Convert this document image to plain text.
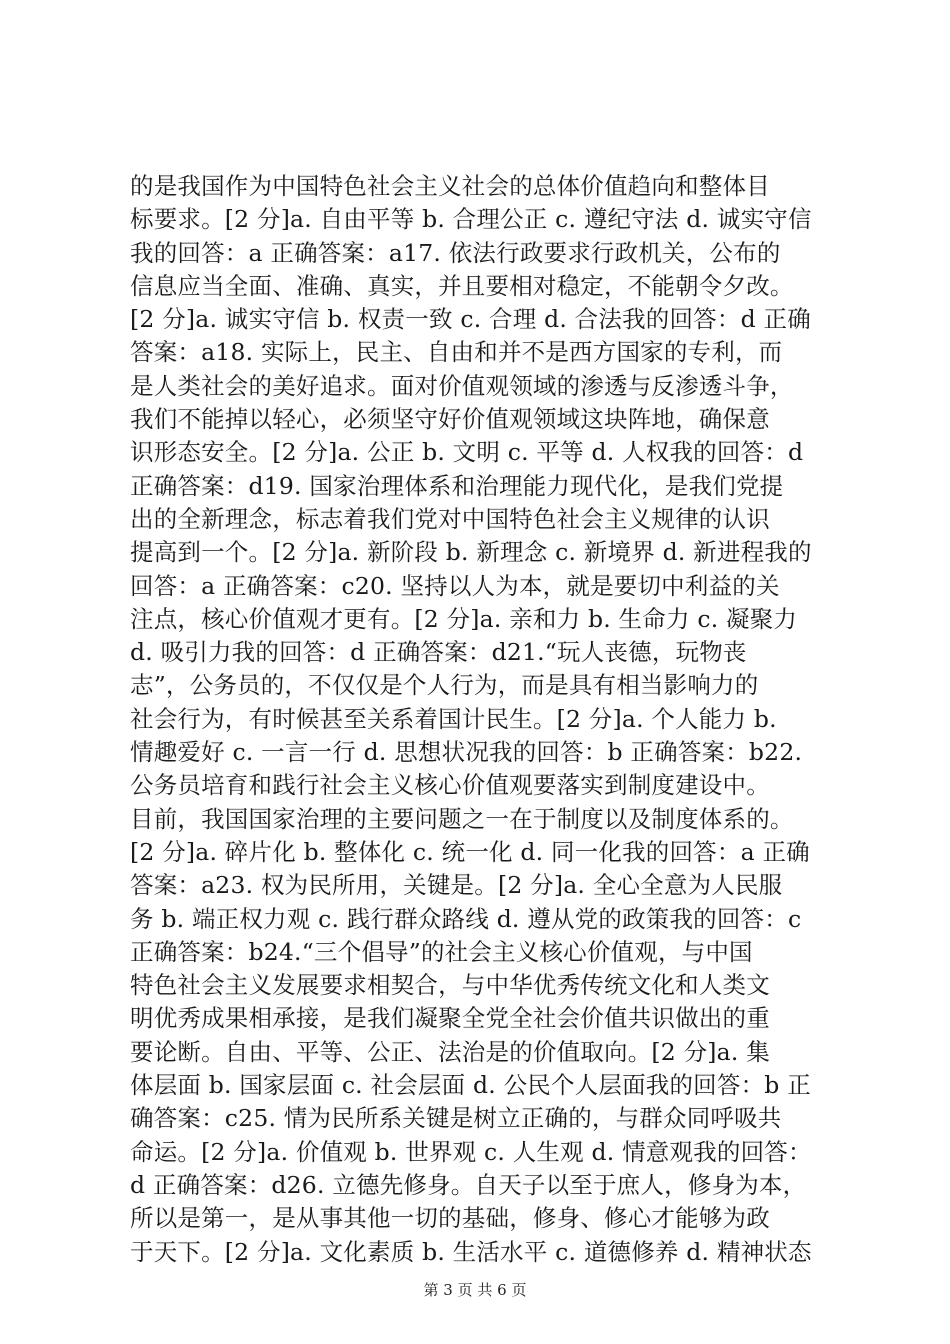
的是我国作为中国特色社会主义社会的总体价值趋向和整体目
标要求。[2 分]a. 自由平等 b. 合理公正 c. 遵纪守法 d. 诚实守信
我的回答：a 正确答案：a17. 依法行政要求行政机关，公布的
信息应当全面、准确、真实，并且要相对稳定，不能朝令夕改。
[2 分]a. 诚实守信 b. 权责一致 c. 合理 d. 合法我的回答：d 正确
答案：a18. 实际上，民主、自由和并不是西方国家的专利，而
是人类社会的美好追求。面对价值观领域的渗透与反渗透斗争，
我们不能掉以轻心，必须坚守好价值观领域这块阵地，确保意
识形态安全。[2 分]a. 公正 b. 文明 c. 平等 d. 人权我的回答：d
正确答案：d19. 国家治理体系和治理能力现代化，是我们党提
出的全新理念，标志着我们党对中国特色社会主义规律的认识
提高到一个。[2 分]a. 新阶段 b. 新理念 c. 新境界 d. 新进程我的
回答：a 正确答案：c20. 坚持以人为本，就是要切中利益的关
注点，核心价值观才更有。[2 分]a. 亲和力 b. 生命力 c. 凝聚力
d. 吸引力我的回答：d 正确答案：d21.“玩人丧德，玩物丧
志”，公务员的，不仅仅是个人行为，而是具有相当影响力的
社会行为，有时候甚至关系着国计民生。[2 分]a. 个人能力 b.
情趣爱好 c. 一言一行 d. 思想状况我的回答：b 正确答案：b22.
公务员培育和践行社会主义核心价值观要落实到制度建设中。
目前，我国国家治理的主要问题之一在于制度以及制度体系的。
[2 分]a. 碎片化 b. 整体化 c. 统一化 d. 同一化我的回答：a 正确
答案：a23. 权为民所用，关键是。[2 分]a. 全心全意为人民服
务 b. 端正权力观 c. 践行群众路线 d. 遵从党的政策我的回答：c
正确答案：b24.“三个倡导”的社会主义核心价值观，与中国
特色社会主义发展要求相契合，与中华优秀传统文化和人类文
明优秀成果相承接，是我们凝聚全党全社会价值共识做出的重
要论断。自由、平等、公正、法治是的价值取向。[2 分]a. 集
体层面 b. 国家层面 c. 社会层面 d. 公民个人层面我的回答：b 正
确答案：c25. 情为民所系关键是树立正确的，与群众同呼吸共
命运。[2 分]a. 价值观 b. 世界观 c. 人生观 d. 情意观我的回答：
d 正确答案：d26. 立德先修身。自天子以至于庶人，修身为本，
所以是第一，是从事其他一切的基础，修身、修心才能够为政
于天下。[2 分]a. 文化素质 b. 生活水平 c. 道德修养 d. 精神状态
第 3 页 共 6 页
